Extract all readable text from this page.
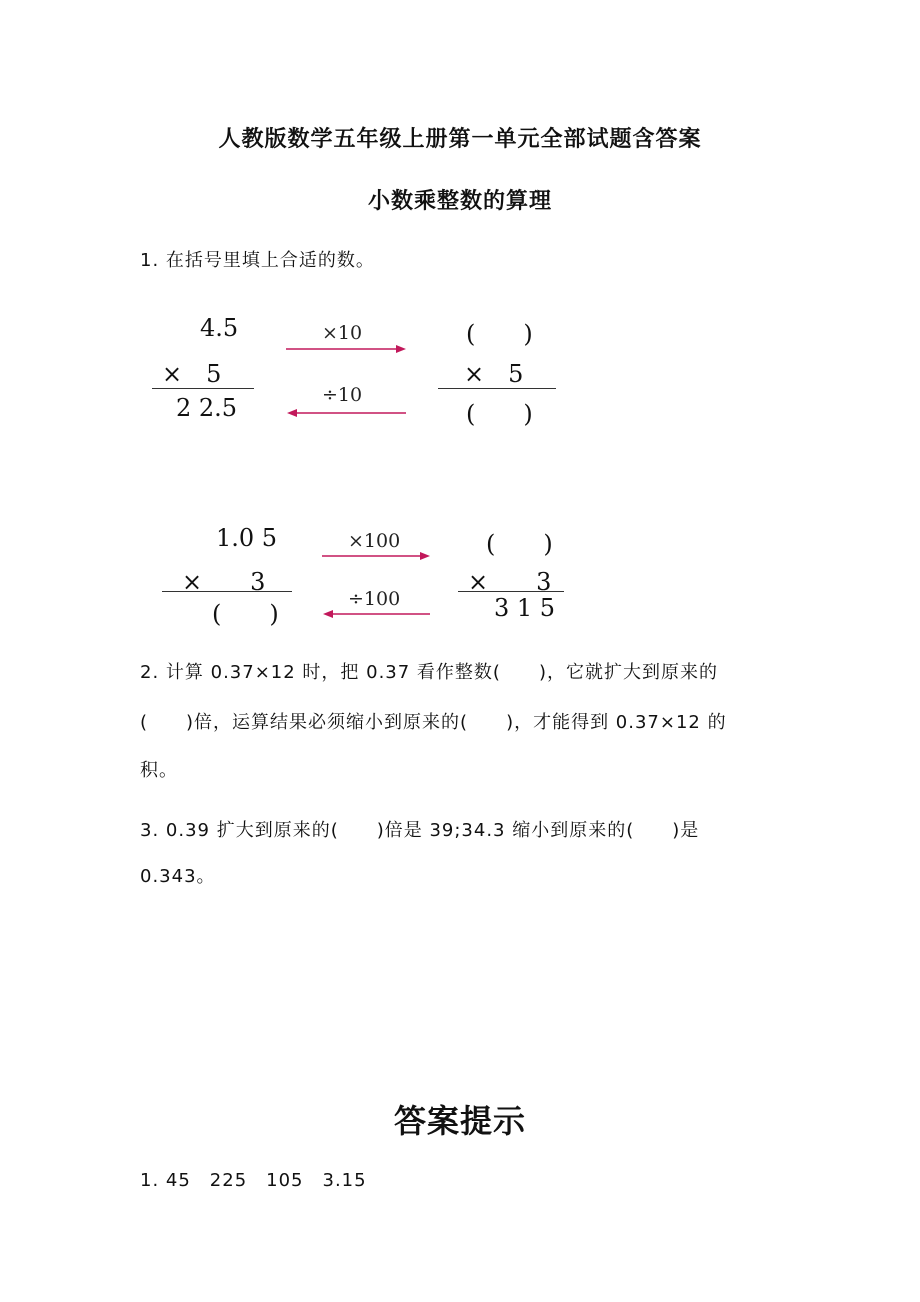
人教版数学五年级上册第一单元全部试题含答案
小数乘整数的算理
1. 在括号里填上合适的数。
4.5
×　5
2 2.5
×10
÷10
(　　)
×　5
(　　)
1.0 5
×　　3
(　　)
×100
÷100
(　　)
×　　3
3 1 5
2. 计算 0.37×12 时，把 0.37 看作整数(　　)，它就扩大到原来的
(　　)倍，运算结果必须缩小到原来的(　　)，才能得到 0.37×12 的
积。
3. 0.39 扩大到原来的(　　)倍是 39;34.3 缩小到原来的(　　)是
0.343。
答案提示
1. 45　225　105　3.15
